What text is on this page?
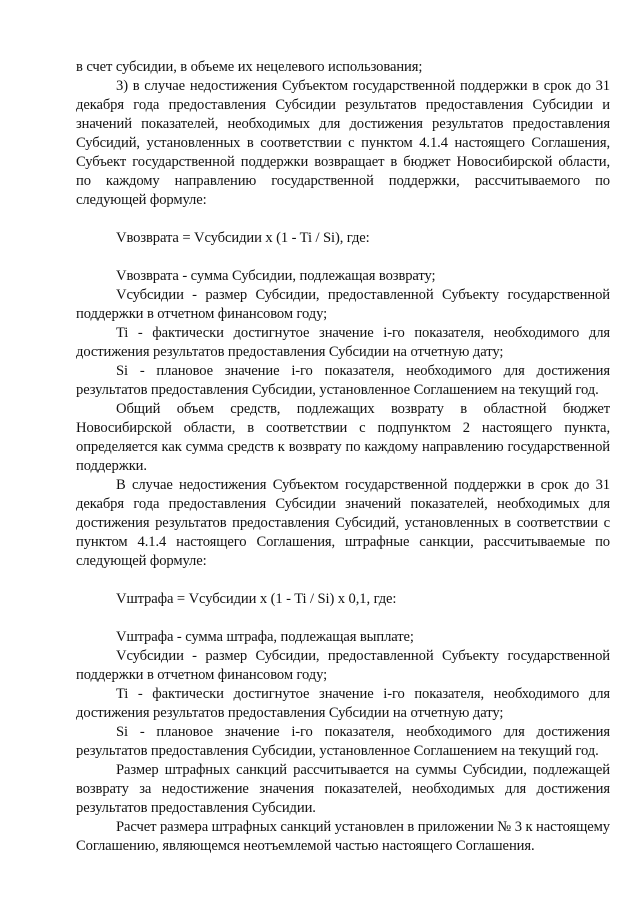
в счет субсидии, в объеме их нецелевого использования;

3) в случае недостижения Субъектом государственной поддержки в срок до 31 декабря года предоставления Субсидии результатов предоставления Субсидии и значений показателей, необходимых для достижения результатов предоставления Субсидий, установленных в соответствии с пунктом 4.1.4 настоящего Соглашения, Субъект государственной поддержки возвращает в бюджет Новосибирской области, по каждому направлению государственной поддержки, рассчитываемого по следующей формуле:

Vвозврата = Vсубсидии x (1 - Ti / Si), где:

Vвозврата - сумма Субсидии, подлежащая возврату;

Vсубсидии - размер Субсидии, предоставленной Субъекту государственной поддержки в отчетном финансовом году;

Ti - фактически достигнутое значение i-го показателя, необходимого для достижения результатов предоставления Субсидии на отчетную дату;

Si - плановое значение i-го показателя, необходимого для достижения результатов предоставления Субсидии, установленное Соглашением на текущий год.

Общий объем средств, подлежащих возврату в областной бюджет Новосибирской области, в соответствии с подпунктом 2 настоящего пункта, определяется как сумма средств к возврату по каждому направлению государственной поддержки.

В случае недостижения Субъектом государственной поддержки в срок до 31 декабря года предоставления Субсидии значений показателей, необходимых для достижения результатов предоставления Субсидий, установленных в соответствии с пунктом 4.1.4 настоящего Соглашения, штрафные санкции, рассчитываемые по следующей формуле:

Vштрафа = Vсубсидии x (1 - Ti / Si) x 0,1, где:

Vштрафа - сумма штрафа, подлежащая выплате;

Vсубсидии - размер Субсидии, предоставленной Субъекту государственной поддержки в отчетном финансовом году;

Ti - фактически достигнутое значение i-го показателя, необходимого для достижения результатов предоставления Субсидии на отчетную дату;

Si - плановое значение i-го показателя, необходимого для достижения результатов предоставления Субсидии, установленное Соглашением на текущий год.

Размер штрафных санкций рассчитывается на суммы Субсидии, подлежащей возврату за недостижение значения показателей, необходимых для достижения результатов предоставления Субсидии.

Расчет размера штрафных санкций установлен в приложении № 3 к настоящему Соглашению, являющемся неотъемлемой частью настоящего Соглашения.
